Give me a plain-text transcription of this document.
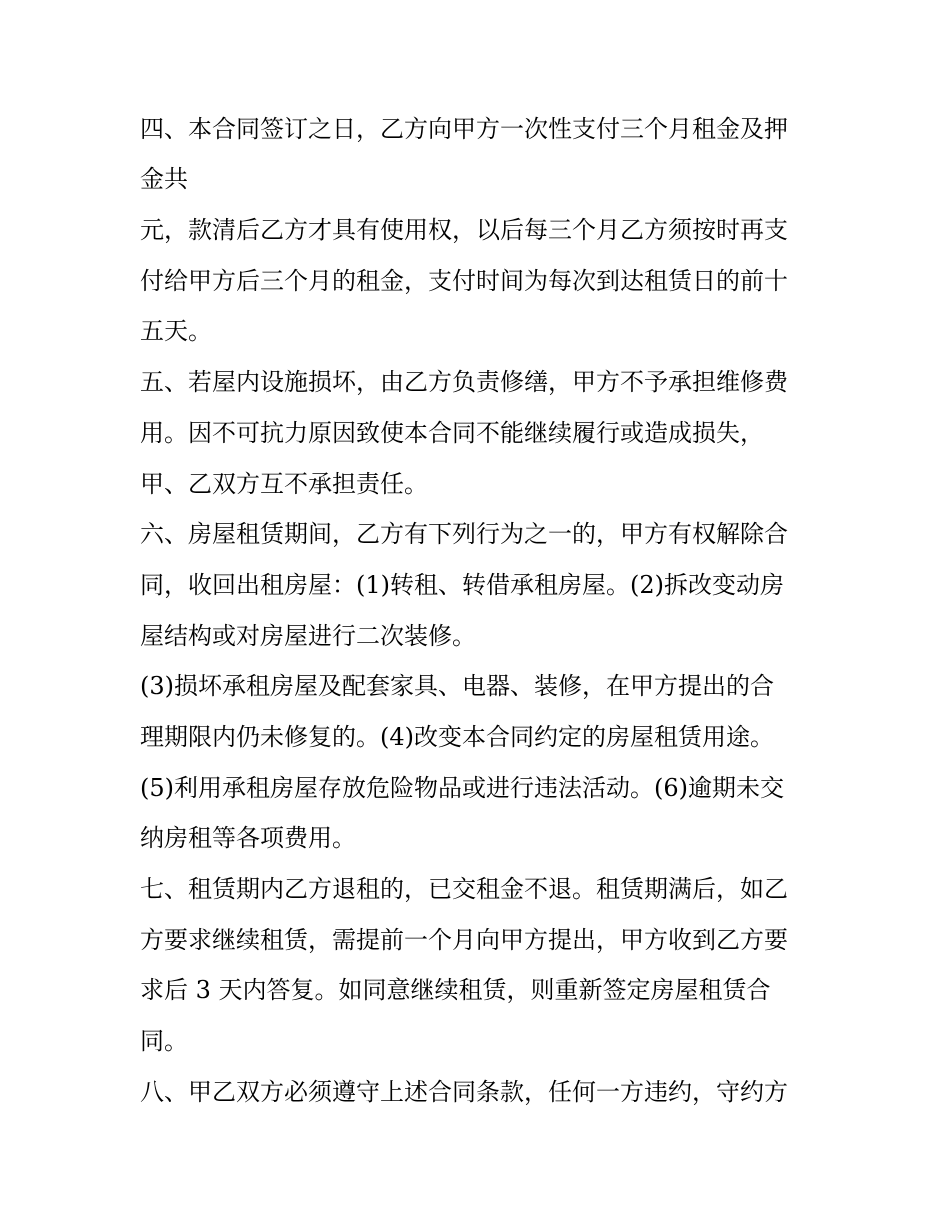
四、本合同签订之日，乙方向甲方一次性支付三个月租金及押
金共
元，款清后乙方才具有使用权，以后每三个月乙方须按时再支
付给甲方后三个月的租金，支付时间为每次到达租赁日的前十
五天。
五、若屋内设施损坏，由乙方负责修缮，甲方不予承担维修费
用。因不可抗力原因致使本合同不能继续履行或造成损失，
甲、乙双方互不承担责任。
六、房屋租赁期间，乙方有下列行为之一的，甲方有权解除合
同，收回出租房屋：(1)转租、转借承租房屋。(2)拆改变动房
屋结构或对房屋进行二次装修。
(3)损坏承租房屋及配套家具、电器、装修，在甲方提出的合
理期限内仍未修复的。(4)改变本合同约定的房屋租赁用途。
(5)利用承租房屋存放危险物品或进行违法活动。(6)逾期未交
纳房租等各项费用。
七、租赁期内乙方退租的，已交租金不退。租赁期满后，如乙
方要求继续租赁，需提前一个月向甲方提出，甲方收到乙方要
求后 3 天内答复。如同意继续租赁，则重新签定房屋租赁合
同。
八、甲乙双方必须遵守上述合同条款，任何一方违约，守约方
